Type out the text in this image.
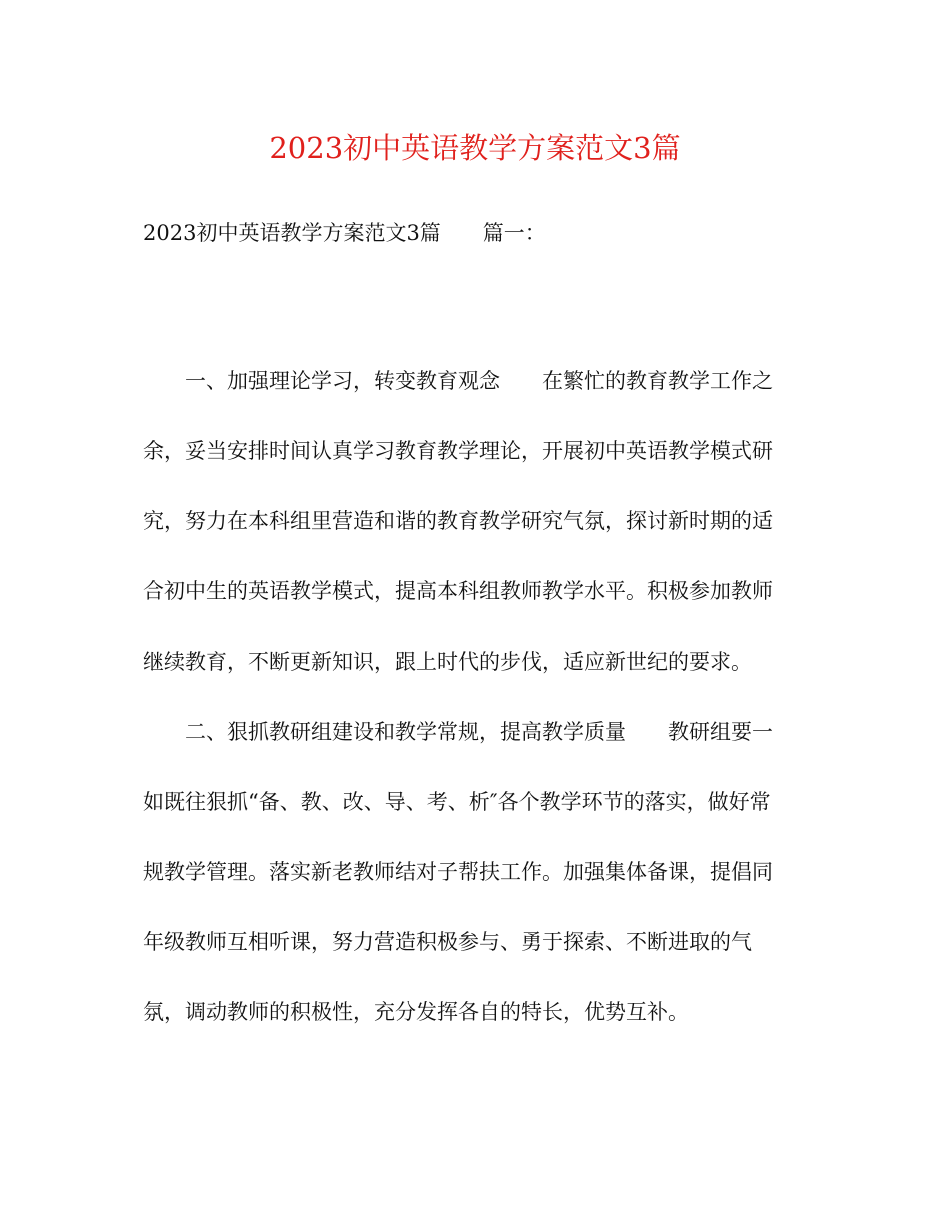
2023初中英语教学方案范文3篇

2023初中英语教学方案范文3篇　　篇一：

　　一、加强理论学习，转变教育观念　　在繁忙的教育教学工作之

余，妥当安排时间认真学习教育教学理论，开展初中英语教学模式研

究，努力在本科组里营造和谐的教育教学研究气氛，探讨新时期的适

合初中生的英语教学模式，提高本科组教师教学水平。积极参加教师

继续教育，不断更新知识，跟上时代的步伐，适应新世纪的要求。

　　二、狠抓教研组建设和教学常规，提高教学质量　　教研组要一

如既往狠抓“备、教、改、导、考、析″各个教学环节的落实，做好常

规教学管理。落实新老教师结对子帮扶工作。加强集体备课，提倡同

年级教师互相听课，努力营造积极参与、勇于探索、不断进取的气

氛，调动教师的积极性，充分发挥各自的特长，优势互补。
